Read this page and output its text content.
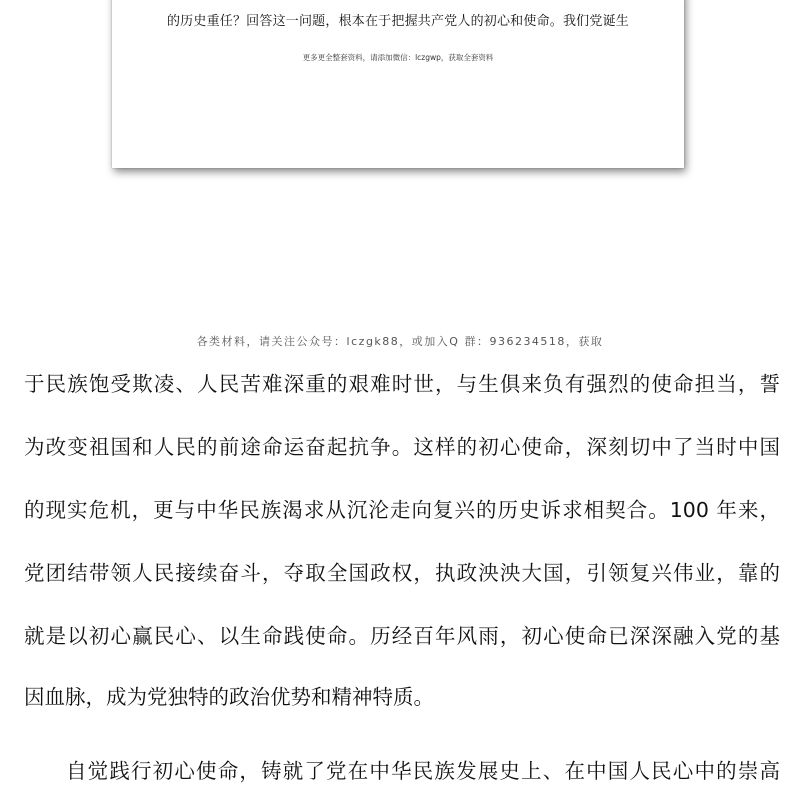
的历史重任？回答这一问题，根本在于把握共产党人的初心和使命。我们党诞生
更多更全整套资料，请添加微信：lczgwp，获取全套资料
各类材料，请关注公众号：lczgk88，或加入Q 群：936234518，获取
于民族饱受欺凌、人民苦难深重的艰难时世，与生俱来负有强烈的使命担当，誓
为改变祖国和人民的前途命运奋起抗争。这样的初心使命，深刻切中了当时中国
的现实危机，更与中华民族渴求从沉沦走向复兴的历史诉求相契合。100 年来，
党团结带领人民接续奋斗，夺取全国政权，执政泱泱大国，引领复兴伟业，靠的
就是以初心赢民心、以生命践使命。历经百年风雨，初心使命已深深融入党的基
因血脉，成为党独特的政治优势和精神特质。
自觉践行初心使命，铸就了党在中华民族发展史上、在中国人民心中的崇高
